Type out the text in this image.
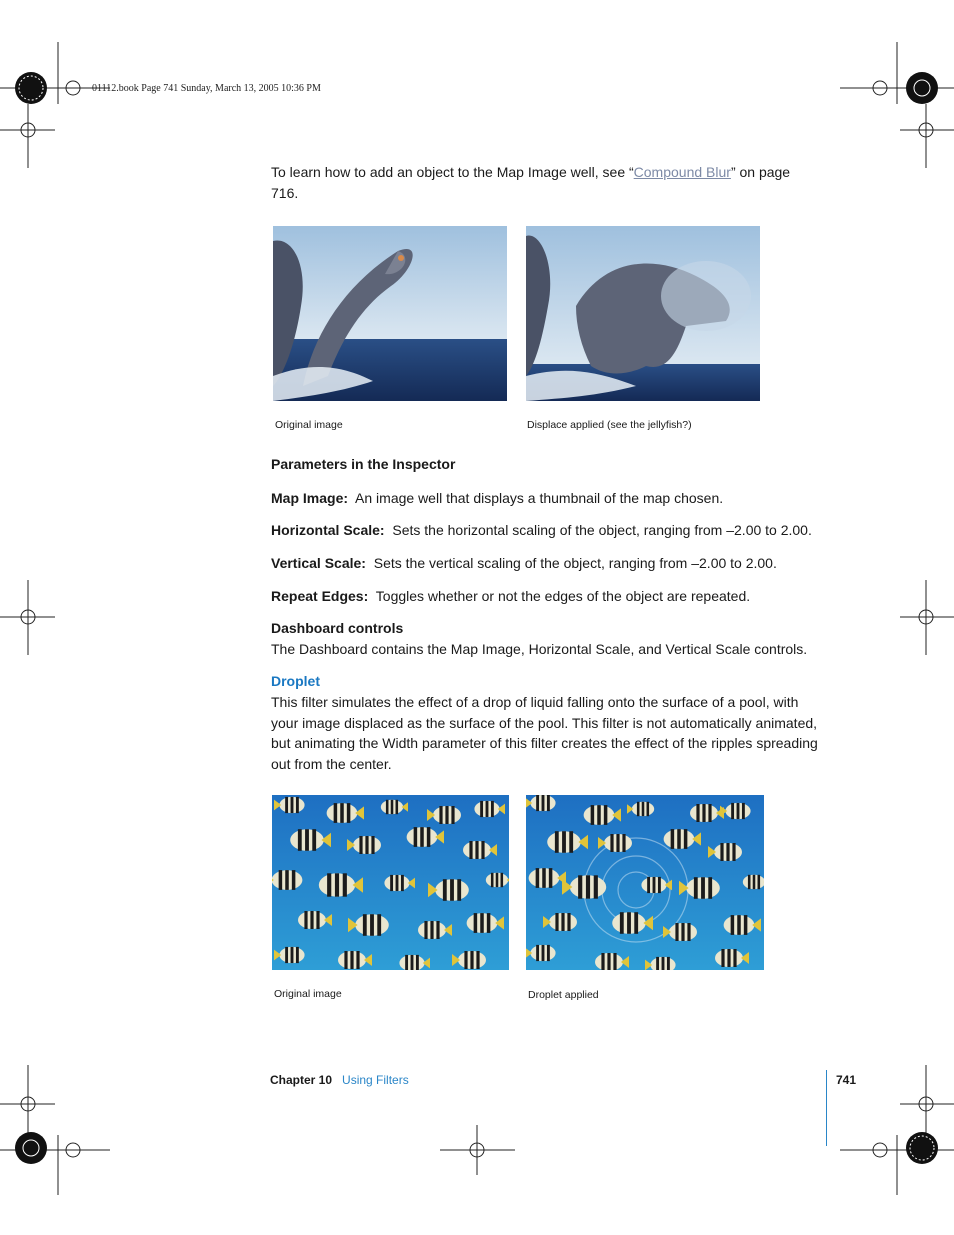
01112.book Page 741 Sunday, March 13, 2005 10:36 PM
To learn how to add an object to the Map Image well, see “Compound Blur” on page 716.
Original image	Displace applied (see the jellyfish?)
Parameters in the Inspector
Map Image: An image well that displays a thumbnail of the map chosen.
Horizontal Scale: Sets the horizontal scaling of the object, ranging from –2.00 to 2.00.
Vertical Scale: Sets the vertical scaling of the object, ranging from –2.00 to 2.00.
Repeat Edges: Toggles whether or not the edges of the object are repeated.
Dashboard controls
The Dashboard contains the Map Image, Horizontal Scale, and Vertical Scale controls.
Droplet
This filter simulates the effect of a drop of liquid falling onto the surface of a pool, with your image displaced as the surface of the pool. This filter is not automatically animated, but animating the Width parameter of this filter creates the effect of the ripples spreading out from the center.
Original image	Droplet applied
Chapter 10 Using Filters	741
